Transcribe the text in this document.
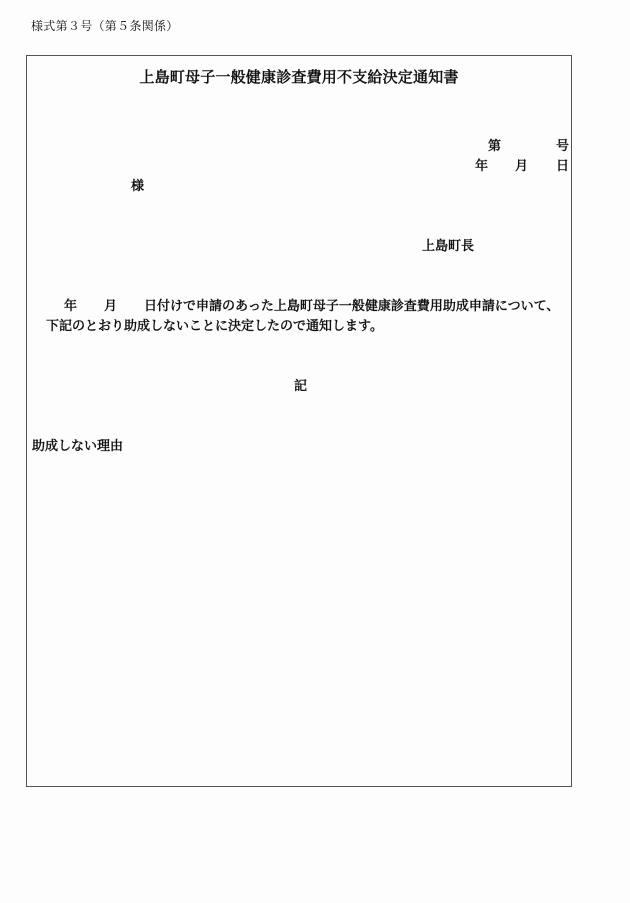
様式第３号（第５条関係）
上島町母子一般健康診査費用不支給決定通知書
第	号
年 月 日
様
上島町長
年 月 日付けで申請のあった上島町母子一般健康診査費用助成申請について、
下記のとおり助成しないことに決定したので通知します。
記
助成しない理由
